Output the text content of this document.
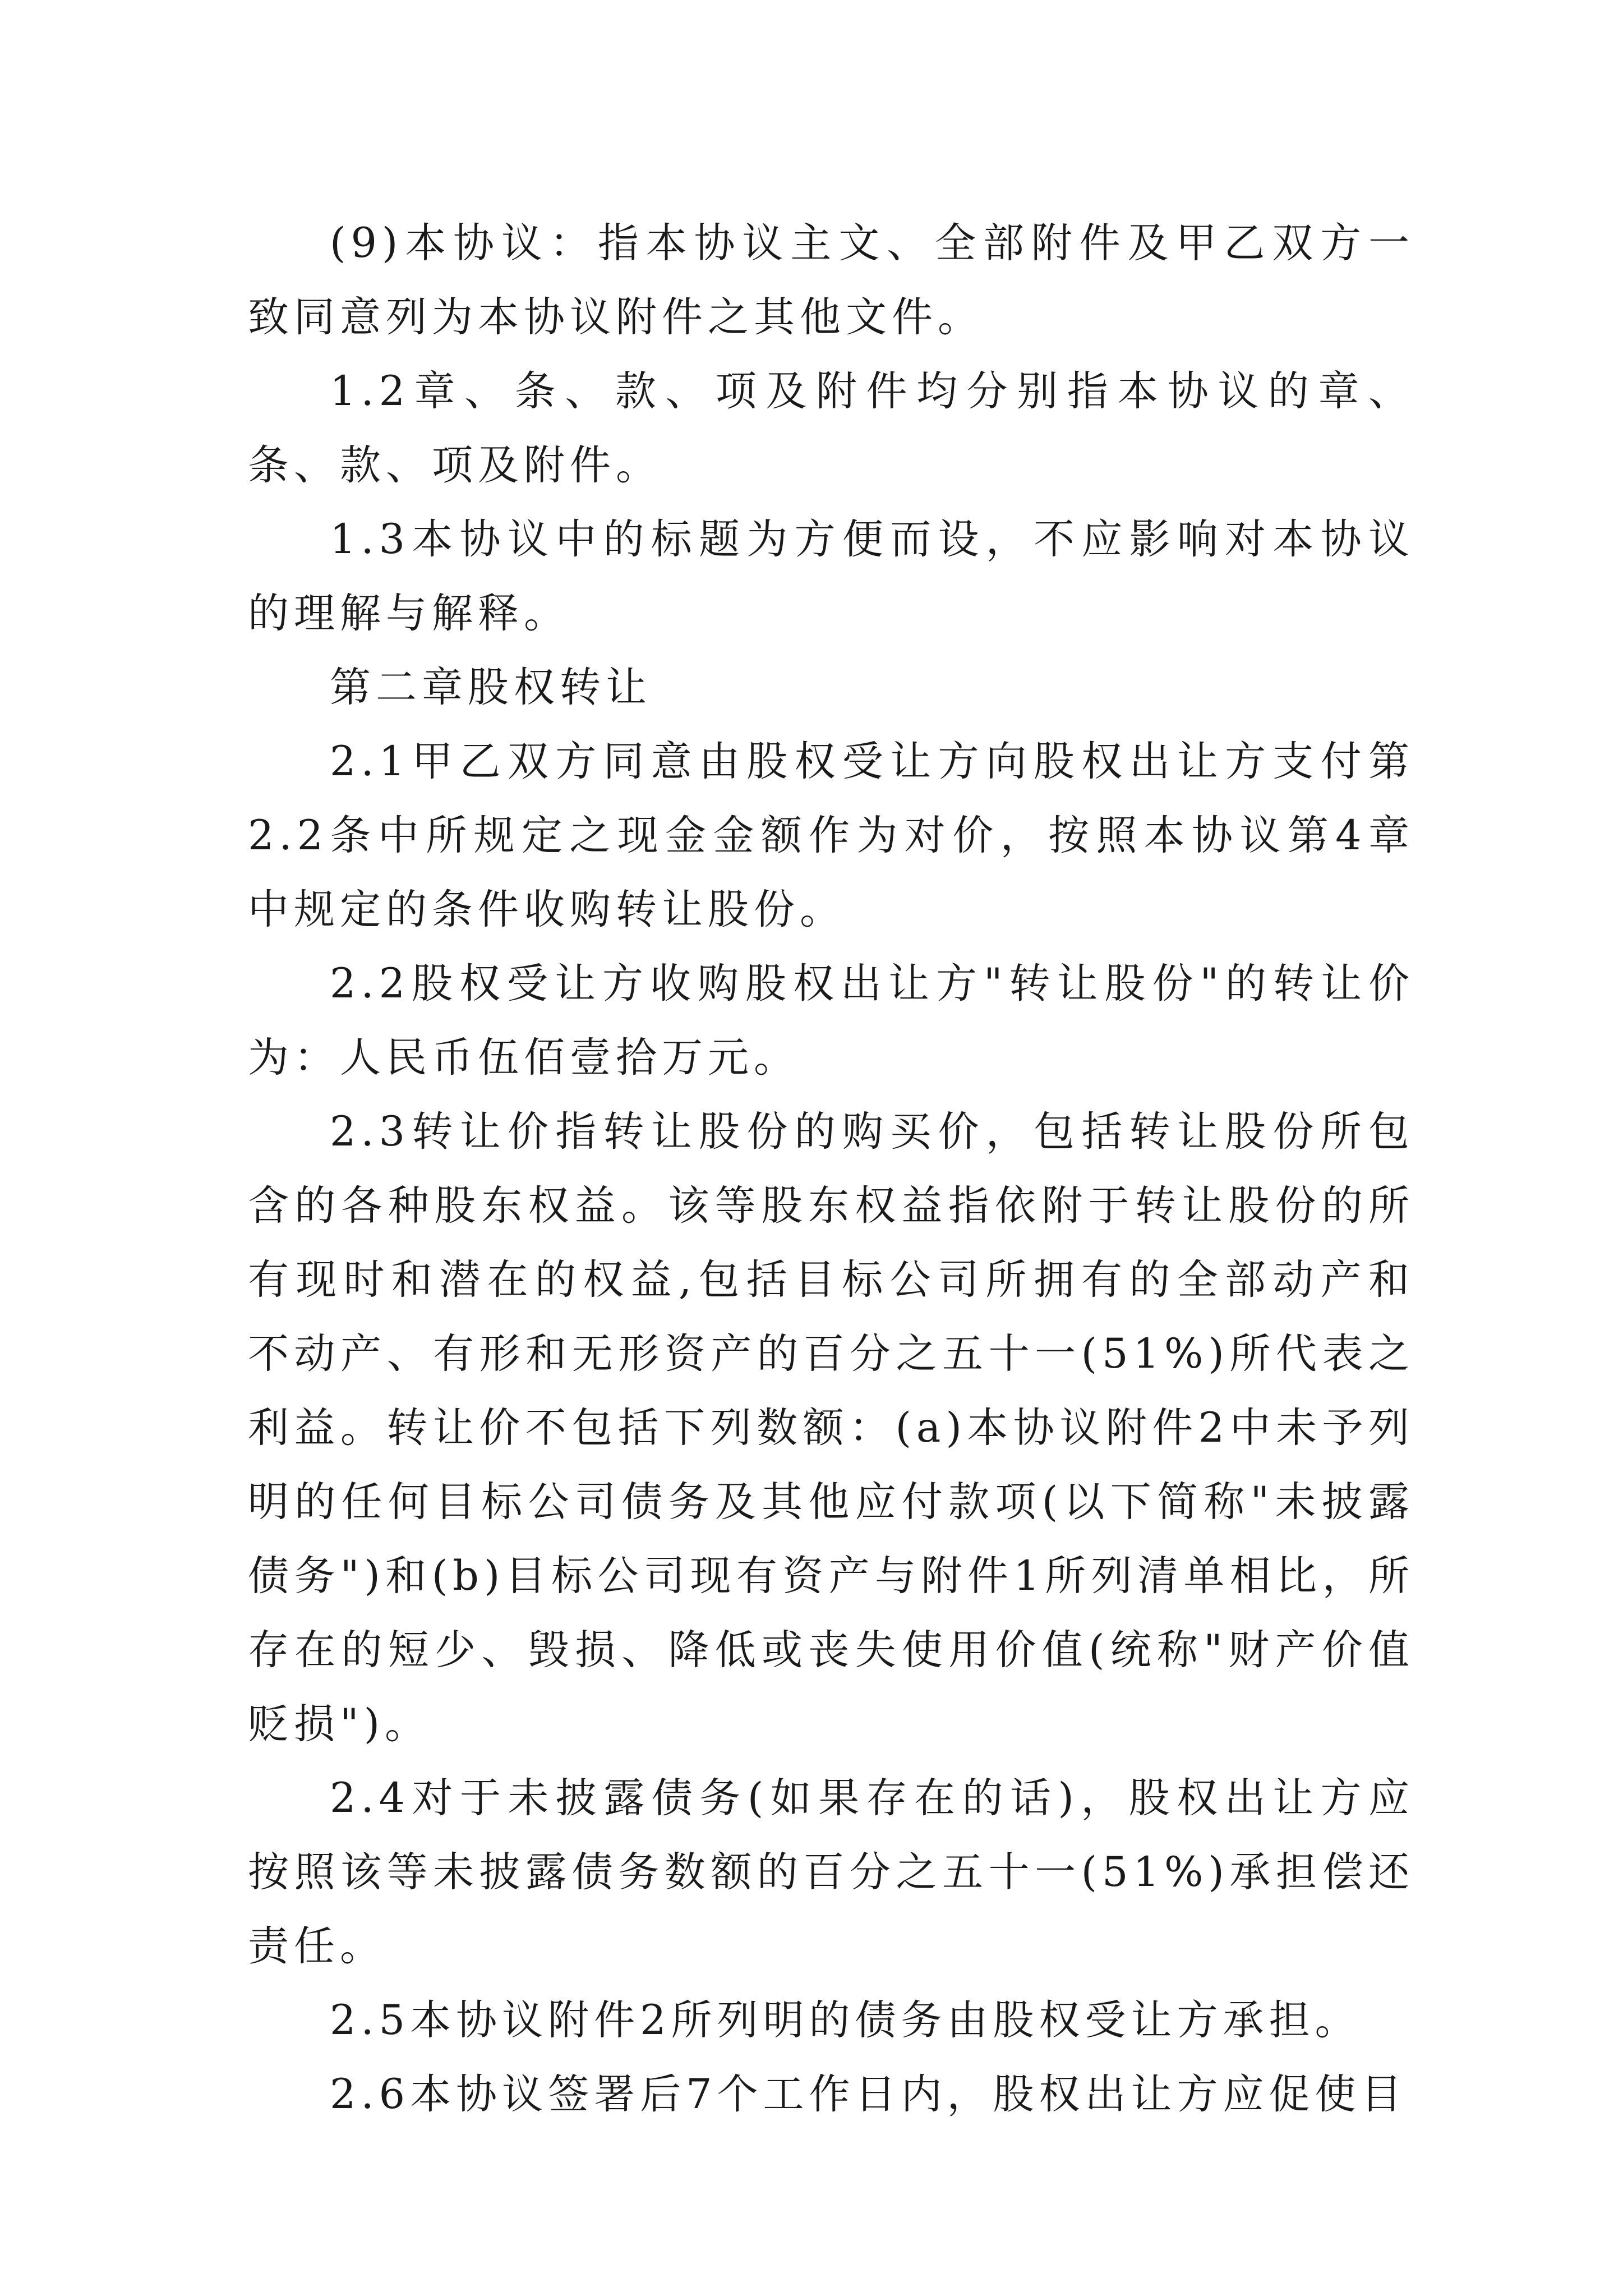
(9)本协议：指本协议主文、全部附件及甲乙双方一致同意列为本协议附件之其他文件。

1.2章、条、款、项及附件均分别指本协议的章、条、款、项及附件。

1.3本协议中的标题为方便而设，不应影响对本协议的理解与解释。

第二章股权转让

2.1甲乙双方同意由股权受让方向股权出让方支付第2.2条中所规定之现金金额作为对价，按照本协议第4章中规定的条件收购转让股份。

2.2股权受让方收购股权出让方"转让股份"的转让价为：人民币伍佰壹拾万元。

2.3转让价指转让股份的购买价，包括转让股份所包含的各种股东权益。该等股东权益指依附于转让股份的所有现时和潜在的权益,包括目标公司所拥有的全部动产和不动产、有形和无形资产的百分之五十一(51%)所代表之利益。转让价不包括下列数额：(a)本协议附件2中未予列明的任何目标公司债务及其他应付款项(以下简称"未披露债务")和(b)目标公司现有资产与附件1所列清单相比，所存在的短少、毁损、降低或丧失使用价值(统称"财产价值贬损")。

2.4对于未披露债务(如果存在的话)，股权出让方应按照该等未披露债务数额的百分之五十一(51%)承担偿还责任。

2.5本协议附件2所列明的债务由股权受让方承担。

2.6本协议签署后7个工作日内，股权出让方应促使目
